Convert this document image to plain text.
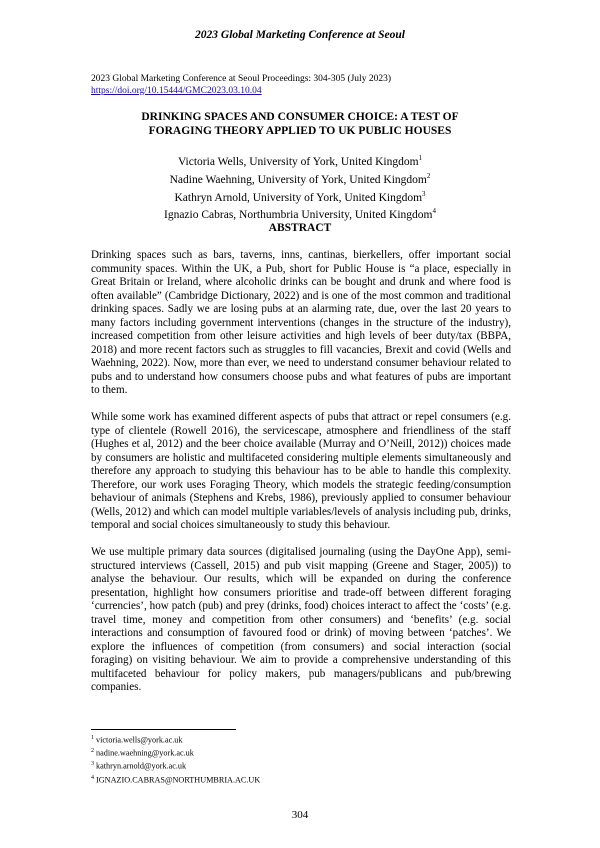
2023 Global Marketing Conference at Seoul
2023 Global Marketing Conference at Seoul Proceedings: 304-305 (July 2023)
https://doi.org/10.15444/GMC2023.03.10.04
DRINKING SPACES AND CONSUMER CHOICE: A TEST OF
FORAGING THEORY APPLIED TO UK PUBLIC HOUSES
Victoria Wells, University of York, United Kingdom$^1$
Nadine Waehning, University of York, United Kingdom$^2$
Kathryn Arnold, University of York, United Kingdom$^3$
Ignazio Cabras, Northumbria University, United Kingdom$^4$
ABSTRACT

Drinking spaces such as bars, taverns, inns, cantinas, bierkellers, offer important social community spaces. Within the UK, a Pub, short for Public House is “a place, especially in Great Britain or Ireland, where alcoholic drinks can be bought and drunk and where food is often available” (Cambridge Dictionary, 2022) and is one of the most common and traditional drinking spaces. Sadly we are losing pubs at an alarming rate, due, over the last 20 years to many factors including government interventions (changes in the structure of the industry), increased competition from other leisure activities and high levels of beer duty/tax (BBPA, 2018) and more recent factors such as struggles to fill vacancies, Brexit and covid (Wells and Waehning, 2022). Now, more than ever, we need to understand consumer behaviour related to pubs and to understand how consumers choose pubs and what features of pubs are important to them.

While some work has examined different aspects of pubs that attract or repel consumers (e.g. type of clientele (Rowell 2016), the servicescape, atmosphere and friendliness of the staff (Hughes et al, 2012) and the beer choice available (Murray and O’Neill, 2012)) choices made by consumers are holistic and multifaceted considering multiple elements simultaneously and therefore any approach to studying this behaviour has to be able to handle this complexity. Therefore, our work uses Foraging Theory, which models the strategic feeding/consumption behaviour of animals (Stephens and Krebs, 1986), previously applied to consumer behaviour (Wells, 2012) and which can model multiple variables/levels of analysis including pub, drinks, temporal and social choices simultaneously to study this behaviour.

We use multiple primary data sources (digitalised journaling (using the DayOne App), semi-structured interviews (Cassell, 2015) and pub visit mapping (Greene and Stager, 2005)) to analyse the behaviour. Our results, which will be expanded on during the conference presentation, highlight how consumers prioritise and trade-off between different foraging ‘currencies’, how patch (pub) and prey (drinks, food) choices interact to affect the ‘costs’ (e.g. travel time, money and competition from other consumers) and ‘benefits’ (e.g. social interactions and consumption of favoured food or drink) of moving between ‘patches’. We explore the influences of competition (from consumers) and social interaction (social foraging) on visiting behaviour. We aim to provide a comprehensive understanding of this multifaceted behaviour for policy makers, pub managers/publicans and pub/brewing companies.

$^1$ victoria.wells@york.ac.uk
$^2$ nadine.waehning@york.ac.uk
$^3$ kathryn.arnold@york.ac.uk
$^4$ IGNAZIO.CABRAS@NORTHUMBRIA.AC.UK
304
